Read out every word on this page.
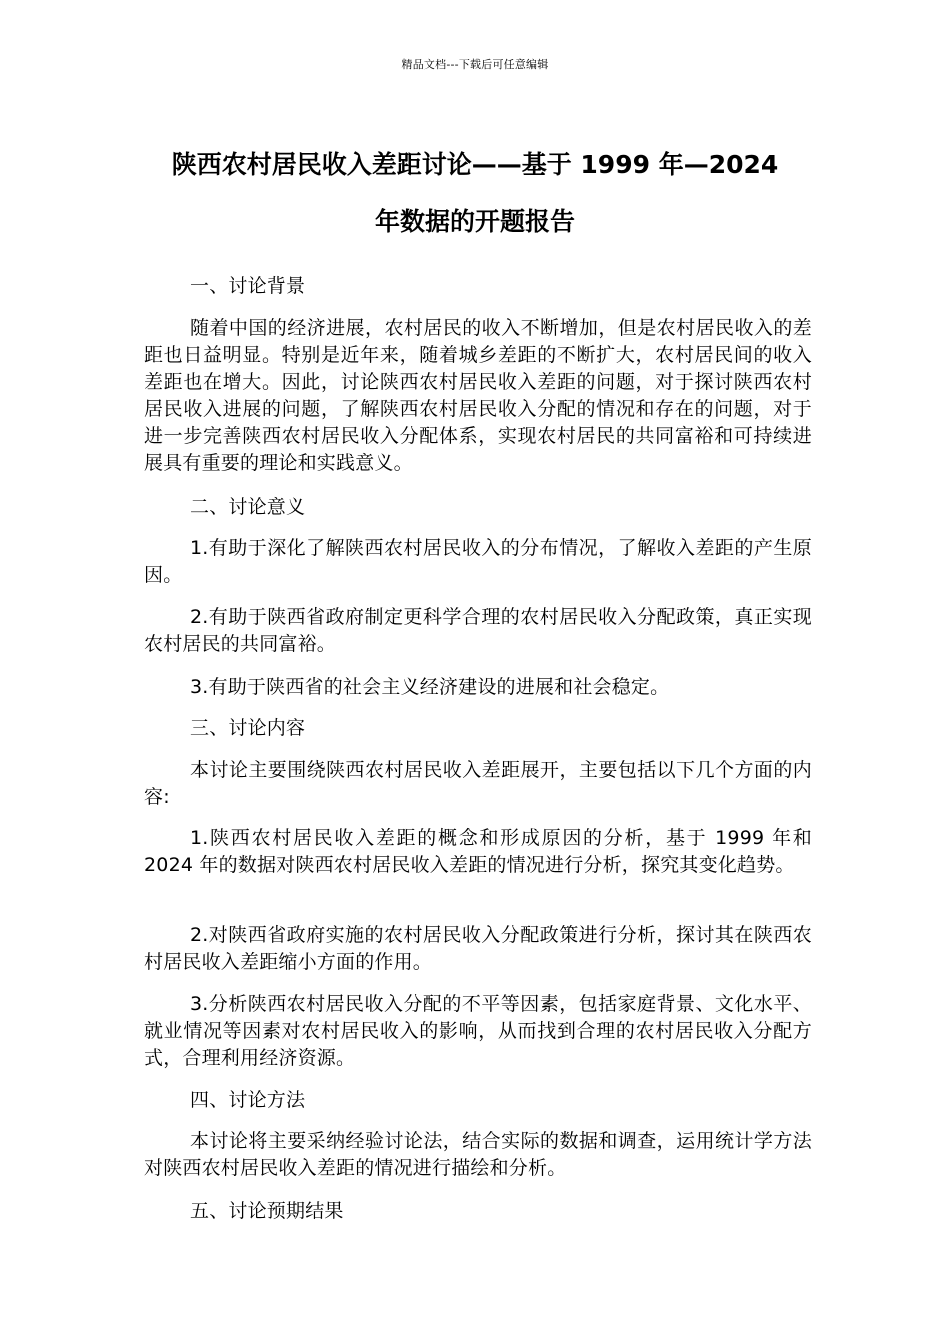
精品文档---下载后可任意编辑
陕西农村居民收入差距讨论——基于 1999 年—2024
年数据的开题报告

一、讨论背景

随着中国的经济进展，农村居民的收入不断增加，但是农村居民收入的差距也日益明显。特别是近年来，随着城乡差距的不断扩大，农村居民间的收入差距也在增大。因此，讨论陕西农村居民收入差距的问题，对于探讨陕西农村居民收入进展的问题，了解陕西农村居民收入分配的情况和存在的问题，对于进一步完善陕西农村居民收入分配体系，实现农村居民的共同富裕和可持续进展具有重要的理论和实践意义。

二、讨论意义

1.有助于深化了解陕西农村居民收入的分布情况，了解收入差距的产生原因。

2.有助于陕西省政府制定更科学合理的农村居民收入分配政策，真正实现农村居民的共同富裕。

3.有助于陕西省的社会主义经济建设的进展和社会稳定。

三、讨论内容

本讨论主要围绕陕西农村居民收入差距展开，主要包括以下几个方面的内容:

1.陕西农村居民收入差距的概念和形成原因的分析，基于 1999 年和 2024 年的数据对陕西农村居民收入差距的情况进行分析，探究其变化趋势。

2.对陕西省政府实施的农村居民收入分配政策进行分析，探讨其在陕西农村居民收入差距缩小方面的作用。

3.分析陕西农村居民收入分配的不平等因素，包括家庭背景、文化水平、就业情况等因素对农村居民收入的影响，从而找到合理的农村居民收入分配方式，合理利用经济资源。

四、讨论方法

本讨论将主要采纳经验讨论法，结合实际的数据和调查，运用统计学方法对陕西农村居民收入差距的情况进行描绘和分析。

五、讨论预期结果
